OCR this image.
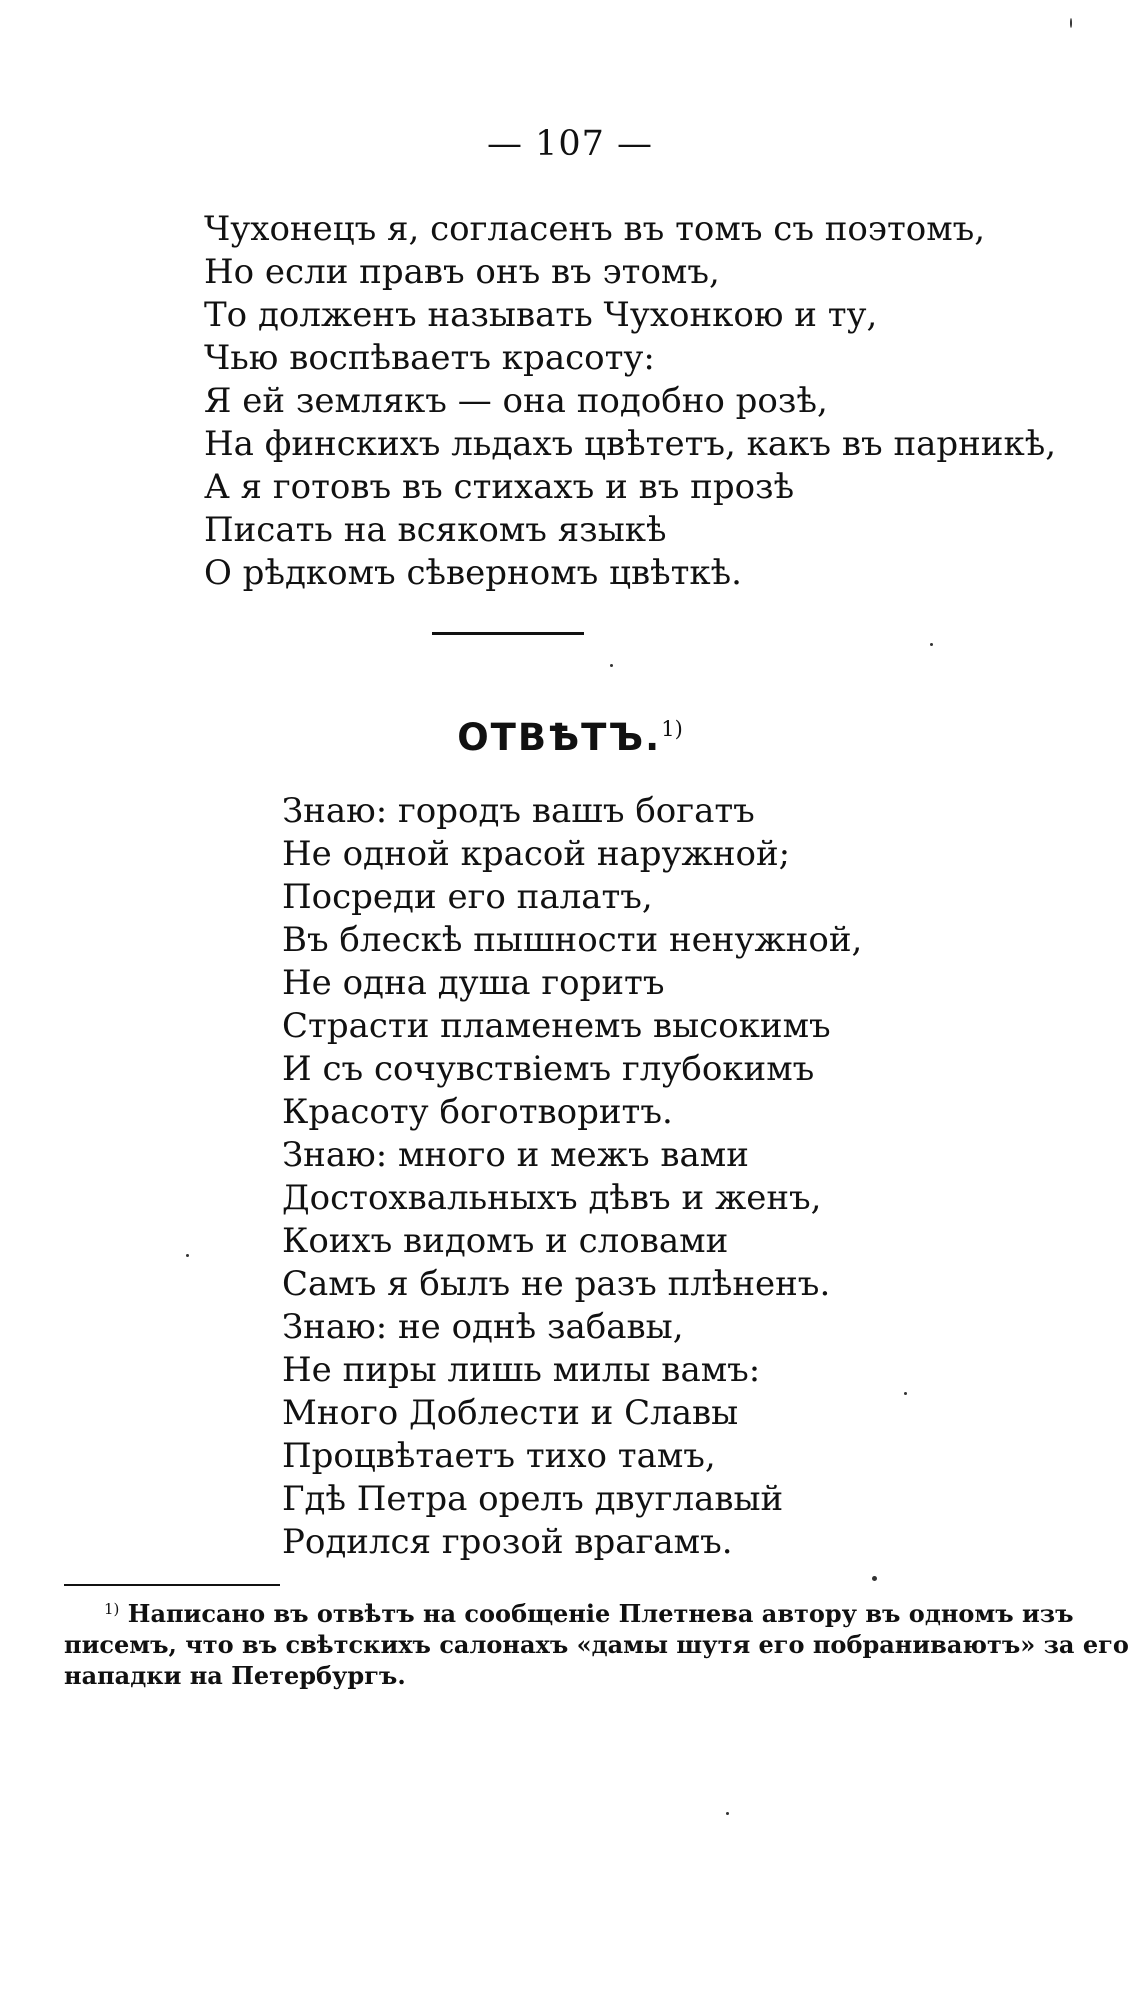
— 107 —
Чухонецъ я, согласенъ въ томъ съ поэтомъ,
Но если правъ онъ въ этомъ,
То долженъ называть Чухонкою и ту,
Чью воспѣваетъ красоту:
Я ей землякъ — она подобно розѣ,
На финскихъ льдахъ цвѣтетъ, какъ въ парникѣ,
А я готовъ въ стихахъ и въ прозѣ
Писать на всякомъ языкѣ
О рѣдкомъ сѣверномъ цвѣткѣ.
ОТВѢТЪ.$^{1)}$
Знаю: городъ вашъ богатъ
Не одной красой наружной;
Посреди его палатъ,
Въ блескѣ пышности ненужной,
Не одна душа горитъ
Страсти пламенемъ высокимъ
И съ сочувствіемъ глубокимъ
Красоту боготворитъ.
Знаю: много и межъ вами
Достохвальныхъ дѣвъ и женъ,
Коихъ видомъ и словами
Самъ я былъ не разъ плѣненъ.
Знаю: не однѣ забавы,
Не пиры лишь милы вамъ:
Много Доблести и Славы
Процвѣтаетъ тихо тамъ,
Гдѣ Петра орелъ двуглавый
Родился грозой врагамъ.
$^{1)}$ Написано въ отвѣтъ на сообщеніе Плетнева автору въ одномъ изъ
писемъ, что въ свѣтскихъ салонахъ «дамы шутя его побраниваютъ» за его
нападки на Петербургъ.
